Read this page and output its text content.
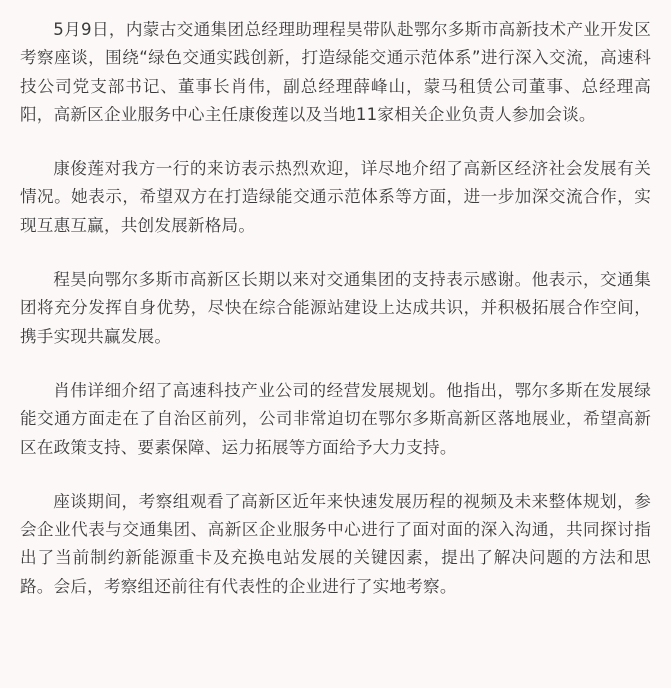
5月9日，内蒙古交通集团总经理助理程昊带队赴鄂尔多斯市高新技术产业开发区考察座谈，围绕“绿色交通实践创新，打造绿能交通示范体系”进行深入交流，高速科技公司党支部书记、董事长肖伟，副总经理薛峰山，蒙马租赁公司董事、总经理高阳，高新区企业服务中心主任康俊莲以及当地11家相关企业负责人参加会谈。

康俊莲对我方一行的来访表示热烈欢迎，详尽地介绍了高新区经济社会发展有关情况。她表示，希望双方在打造绿能交通示范体系等方面，进一步加深交流合作，实现互惠互赢，共创发展新格局。

程昊向鄂尔多斯市高新区长期以来对交通集团的支持表示感谢。他表示，交通集团将充分发挥自身优势，尽快在综合能源站建设上达成共识，并积极拓展合作空间，携手实现共赢发展。

肖伟详细介绍了高速科技产业公司的经营发展规划。他指出，鄂尔多斯在发展绿能交通方面走在了自治区前列，公司非常迫切在鄂尔多斯高新区落地展业，希望高新区在政策支持、要素保障、运力拓展等方面给予大力支持。

座谈期间，考察组观看了高新区近年来快速发展历程的视频及未来整体规划，参会企业代表与交通集团、高新区企业服务中心进行了面对面的深入沟通，共同探讨指出了当前制约新能源重卡及充换电站发展的关键因素，提出了解决问题的方法和思路。会后，考察组还前往有代表性的企业进行了实地考察。
